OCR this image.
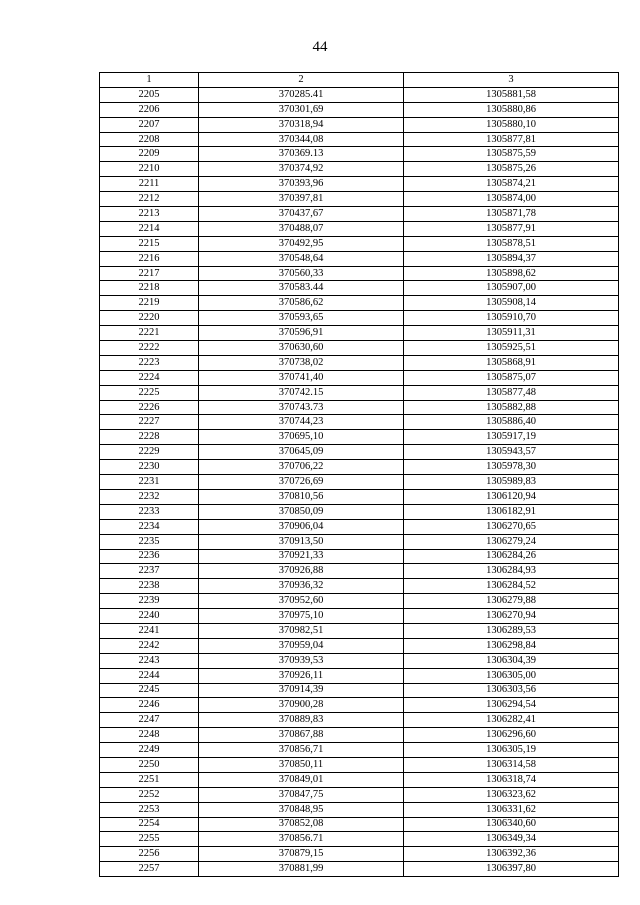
44
1	2	3
2205	370285.41	1305881,58
2206	370301,69	1305880,86
2207	370318,94	1305880,10
2208	370344,08	1305877,81
2209	370369.13	1305875,59
2210	370374,92	1305875,26
2211	370393,96	1305874,21
2212	370397,81	1305874,00
2213	370437,67	1305871,78
2214	370488,07	1305877,91
2215	370492,95	1305878,51
2216	370548,64	1305894,37
2217	370560,33	1305898,62
2218	370583.44	1305907,00
2219	370586,62	1305908,14
2220	370593,65	1305910,70
2221	370596,91	1305911,31
2222	370630,60	1305925,51
2223	370738,02	1305868,91
2224	370741,40	1305875,07
2225	370742.15	1305877,48
2226	370743.73	1305882,88
2227	370744,23	1305886,40
2228	370695,10	1305917,19
2229	370645,09	1305943,57
2230	370706,22	1305978,30
2231	370726,69	1305989,83
2232	370810,56	1306120,94
2233	370850,09	1306182,91
2234	370906,04	1306270,65
2235	370913,50	1306279,24
2236	370921,33	1306284,26
2237	370926,88	1306284,93
2238	370936,32	1306284,52
2239	370952,60	1306279,88
2240	370975,10	1306270,94
2241	370982,51	1306289,53
2242	370959,04	1306298,84
2243	370939,53	1306304,39
2244	370926,11	1306305,00
2245	370914,39	1306303,56
2246	370900,28	1306294,54
2247	370889,83	1306282,41
2248	370867,88	1306296,60
2249	370856,71	1306305,19
2250	370850,11	1306314,58
2251	370849,01	1306318,74
2252	370847,75	1306323,62
2253	370848,95	1306331,62
2254	370852,08	1306340,60
2255	370856.71	1306349,34
2256	370879,15	1306392,36
2257	370881,99	1306397,80
